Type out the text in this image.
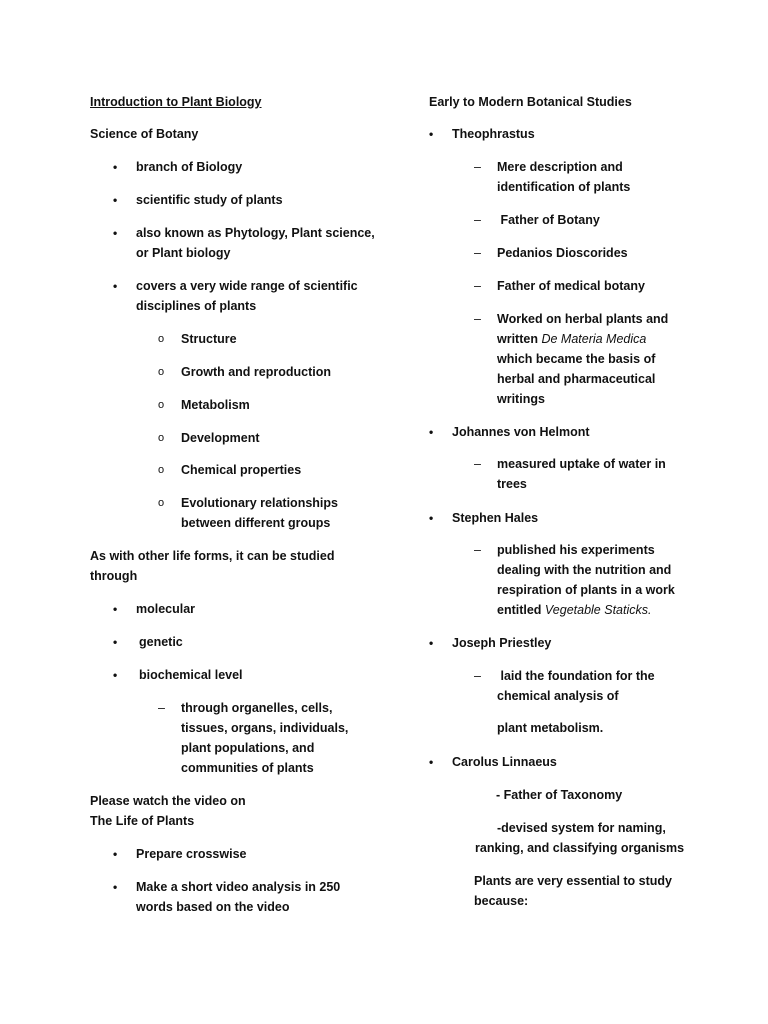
Introduction to Plant Biology
Science of Botany
• branch of Biology
• scientific study of plants
• also known as Phytology, Plant science,
or Plant biology
• covers a very wide range of scientific
disciplines of plants
o Structure
o Growth and reproduction
o Metabolism
o Development
o Chemical properties
o Evolutionary relationships
between different groups
As with other life forms, it can be studied
through
• molecular
• genetic
• biochemical level
– through organelles, cells,
tissues, organs, individuals,
plant populations, and
communities of plants
Please watch the video on
The Life of Plants
• Prepare crosswise
• Make a short video analysis in 250
words based on the video
Early to Modern Botanical Studies
• Theophrastus
– Mere description and
identification of plants
– Father of Botany
– Pedanios Dioscorides
– Father of medical botany
– Worked on herbal plants and
written De Materia Medica
which became the basis of
herbal and pharmaceutical
writings
• Johannes von Helmont
– measured uptake of water in
trees
• Stephen Hales
– published his experiments
dealing with the nutrition and
respiration of plants in a work
entitled Vegetable Staticks.
• Joseph Priestley
– laid the foundation for the
chemical analysis of
plant metabolism.
• Carolus Linnaeus
- Father of Taxonomy
-devised system for naming,
ranking, and classifying organisms
Plants are very essential to study
because:
